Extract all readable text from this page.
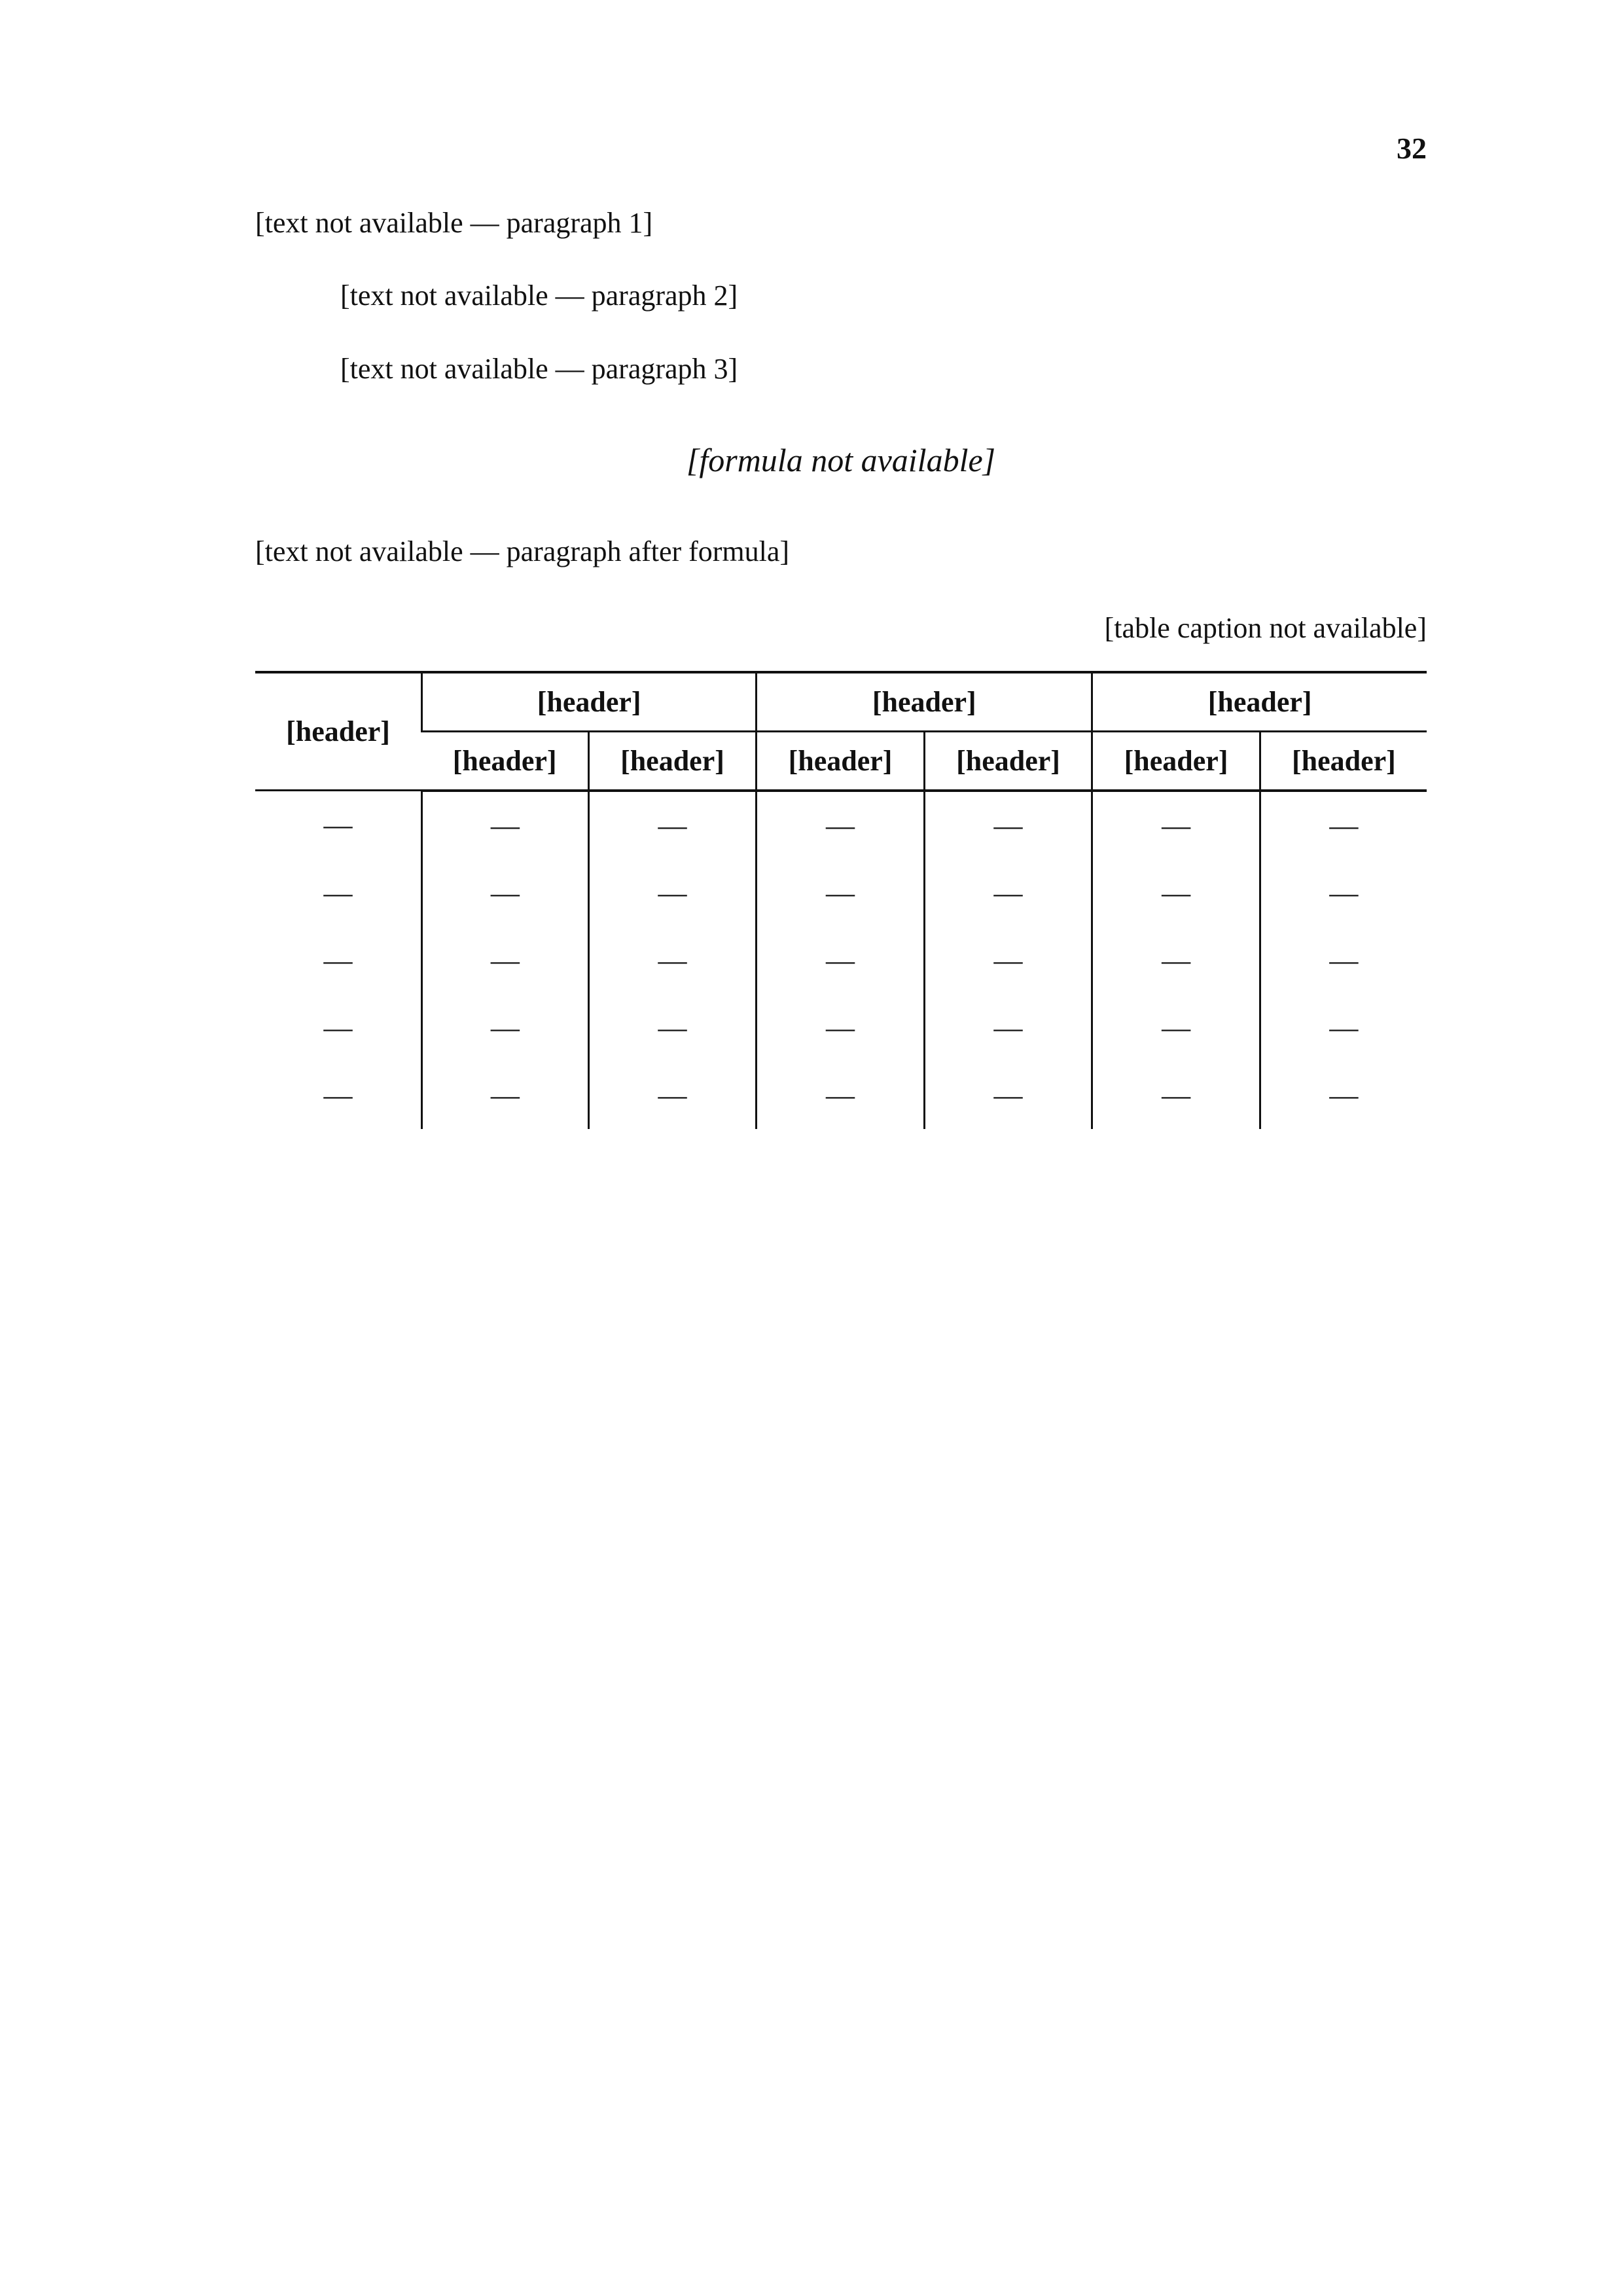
32

[text not available — paragraph 1]

[text not available — paragraph 2]

[text not available — paragraph 3]

[formula not available]

[text not available — paragraph after formula]

[table caption not available]
[header]	[header]		[header]		[header]	
	[header]	[header]	[header]	[header]	[header]	[header]
—	—	—	—	—	—	—
—	—	—	—	—	—	—
—	—	—	—	—	—	—
—	—	—	—	—	—	—
—	—	—	—	—	—	—
